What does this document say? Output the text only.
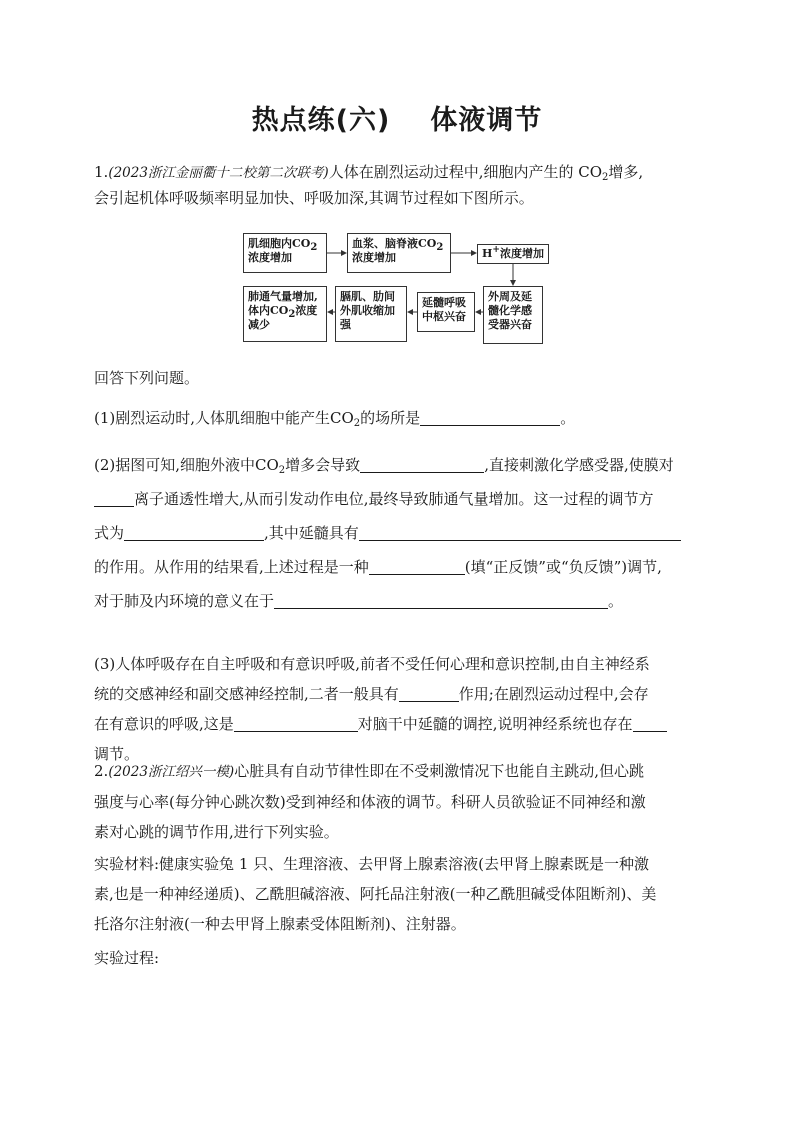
热点练(六) 体液调节
1.(2023浙江金丽衢十二校第二次联考)人体在剧烈运动过程中,细胞内产生的 $CO_2$增多,
会引起机体呼吸频率明显加快、呼吸加深,其调节过程如下图所示。
肌细胞内$CO_2$
浓度增加
血浆、脑脊液$CO_2$
浓度增加	H+浓度增加
外周及延髓化学感受器兴奋
延髓呼吸中枢兴奋
膈肌、肋间外肌收缩加强
肺通气量增加,体内$CO_2$浓度减少
回答下列问题。
(1)剧烈运动时,人体肌细胞中能产生$CO_2$的场所是	。
(2)据图可知,细胞外液中$CO_2$增多会导致	,直接刺激化学感受器,使膜对
离子通透性增大,从而引发动作电位,最终导致肺通气量增加。这一过程的调节方
式为	,其中延髓具有
的作用。从作用的结果看,上述过程是一种	(填“正反馈”或“负反馈”)调节,
对于肺及内环境的意义在于	。
(3)人体呼吸存在自主呼吸和有意识呼吸,前者不受任何心理和意识控制,由自主神经系
统的交感神经和副交感神经控制,二者一般具有	作用;在剧烈运动过程中,会存
在有意识的呼吸,这是	对脑干中延髓的调控,说明神经系统也存在
调节。
2.(2023浙江绍兴一模)心脏具有自动节律性即在不受刺激情况下也能自主跳动,但心跳
强度与心率(每分钟心跳次数)受到神经和体液的调节。科研人员欲验证不同神经和激
素对心跳的调节作用,进行下列实验。
实验材料:健康实验兔 1 只、生理溶液、去甲肾上腺素溶液(去甲肾上腺素既是一种激
素,也是一种神经递质)、乙酰胆碱溶液、阿托品注射液(一种乙酰胆碱受体阻断剂)、美
托洛尔注射液(一种去甲肾上腺素受体阻断剂)、注射器。
实验过程:
